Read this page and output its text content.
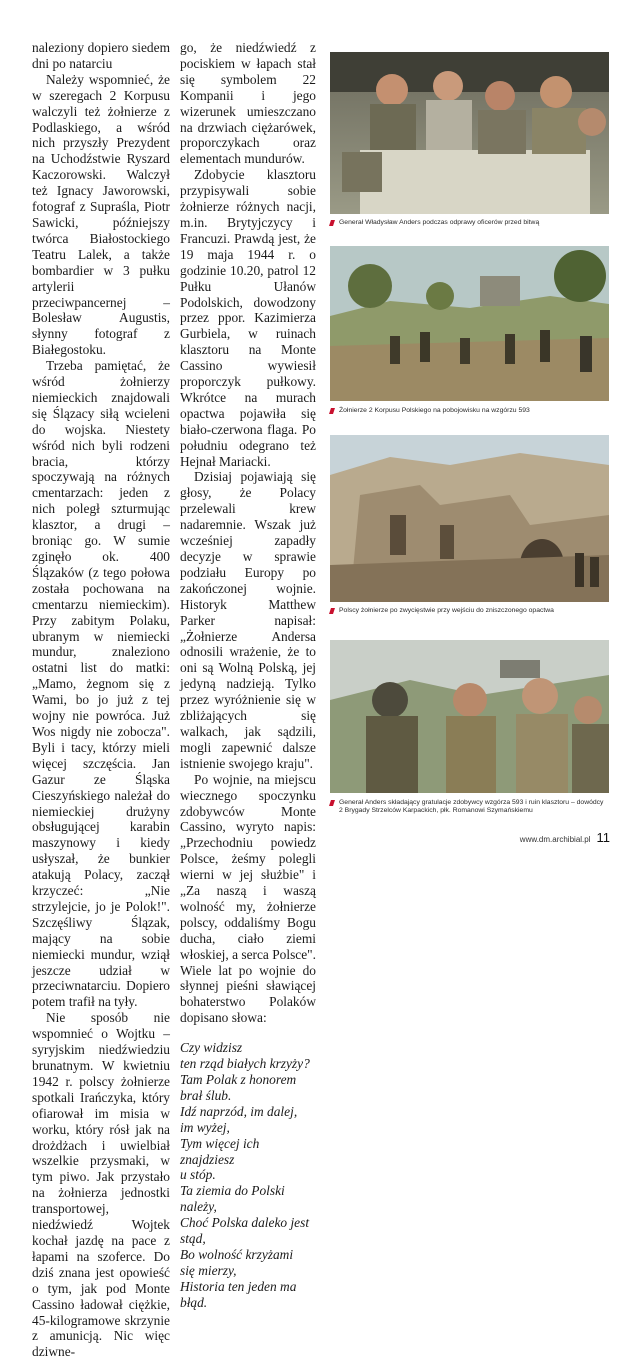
naleziony dopiero siedem dni po natarciu

Należy wspomnieć, że w szeregach 2 Korpusu walczyli też żołnierze z Podlaskiego, a wśród nich przyszły Prezydent na Uchodźstwie Ryszard Kaczorowski. Walczył też Ignacy Jaworowski, fotograf z Supraśla, Piotr Sawicki, późniejszy twórca Białostockiego Teatru Lalek, a także bombardier w 3 pułku artylerii przeciwpancernej – Bolesław Augustis, słynny fotograf z Białegostoku.

Trzeba pamiętać, że wśród żołnierzy niemieckich znajdowali się Ślązacy siłą wcieleni do wojska. Niestety wśród nich byli rodzeni bracia, którzy spoczywają na różnych cmentarzach: jeden z nich poległ szturmując klasztor, a drugi – broniąc go. W sumie zginęło ok. 400 Ślązaków (z tego połowa została pochowana na cmentarzu niemieckim). Przy zabitym Polaku, ubranym w niemiecki mundur, znaleziono ostatni list do matki: „Mamo, żegnom się z Wami, bo jo już z tej wojny nie powróca. Już Wos nigdy nie zobocza". Byli i tacy, którzy mieli więcej szczęścia. Jan Gazur ze Śląska Cieszyńskiego należał do niemieckiej drużyny obsługującej karabin maszynowy i kiedy usłyszał, że bunkier atakują Polacy, zaczął krzyczeć: „Nie strzylejcie, jo je Polok!". Szczęśliwy Ślązak, mający na sobie niemiecki mundur, wziął jeszcze udział w przeciwnatarciu. Dopiero potem trafił na tyły.

Nie sposób nie wspomnieć o Wojtku – syryjskim niedźwiedziu brunatnym. W kwietniu 1942 r. polscy żołnierze spotkali Irańczyka, który ofiarował im misia w worku, który rósł jak na drożdżach i uwielbiał wszelkie przysmaki, w tym piwo. Jak przystało na żołnierza jednostki transportowej, niedźwiedź Wojtek kochał jazdę na pace z łapami na szoferce. Do dziś znana jest opowieść o tym, jak pod Monte Cassino ładował ciężkie, 45-kilogramowe skrzynie z amunicją. Nic więc dziwne-

go, że niedźwiedź z pociskiem w łapach stał się symbolem 22 Kompanii i jego wizerunek umieszczano na drzwiach ciężarówek, proporczykach oraz elementach mundurów.

Zdobycie klasztoru przypisywali sobie żołnierze różnych nacji, m.in. Brytyjczycy i Francuzi. Prawdą jest, że 19 maja 1944 r. o godzinie 10.20, patrol 12 Pułku Ułanów Podolskich, dowodzony przez ppor. Kazimierza Gurbiela, w ruinach klasztoru na Monte Cassino wywiesił proporczyk pułkowy. Wkrótce na murach opactwa pojawiła się biało-czerwona flaga. Po południu odegrano też Hejnał Mariacki.

Dzisiaj pojawiają się głosy, że Polacy przelewali krew nadaremnie. Wszak już wcześniej zapadły decyzje w sprawie podziału Europy po zakończonej wojnie. Historyk Matthew Parker napisał: „Żołnierze Andersa odnosili wrażenie, że to oni są Wolną Polską, jej jedyną nadzieją. Tylko przez wyróżnienie się w zbliżających się walkach, jak sądzili, mogli zapewnić dalsze istnienie swojego kraju".

Po wojnie, na miejscu wiecznego spoczynku zdobywców Monte Cassino, wyryto napis: „Przechodniu powiedz Polsce, żeśmy polegli wierni w jej służbie" i „Za naszą i waszą wolność my, żołnierze polscy, oddaliśmy Bogu ducha, ciało ziemi włoskiej, a serca Polsce". Wiele lat po wojnie do słynnej pieśni sławiącej bohaterstwo Polaków dopisano słowa:

Czy widzisz

ten rząd białych krzyży?

Tam Polak z honorem

brał ślub.

Idź naprzód, im dalej,

im wyżej,

Tym więcej ich znajdziesz

u stóp.

Ta ziemia do Polski należy,

Choć Polska daleko jest stąd,

Bo wolność krzyżami

się mierzy,

Historia ten jeden ma błąd.

Generał Władysław Anders podczas odprawy oficerów przed bitwą
Żołnierze 2 Korpusu Polskiego na pobojowisku na wzgórzu 593
Polscy żołnierze po zwycięstwie przy wejściu do zniszczonego opactwa
Generał Anders składający gratulacje zdobywcy wzgórza 593 i ruin klasztoru – dowódcy 2 Brygady Strzelców Karpackich, płk. Romanowi Szymańskiemu
www.dm.archibial.pl 11
